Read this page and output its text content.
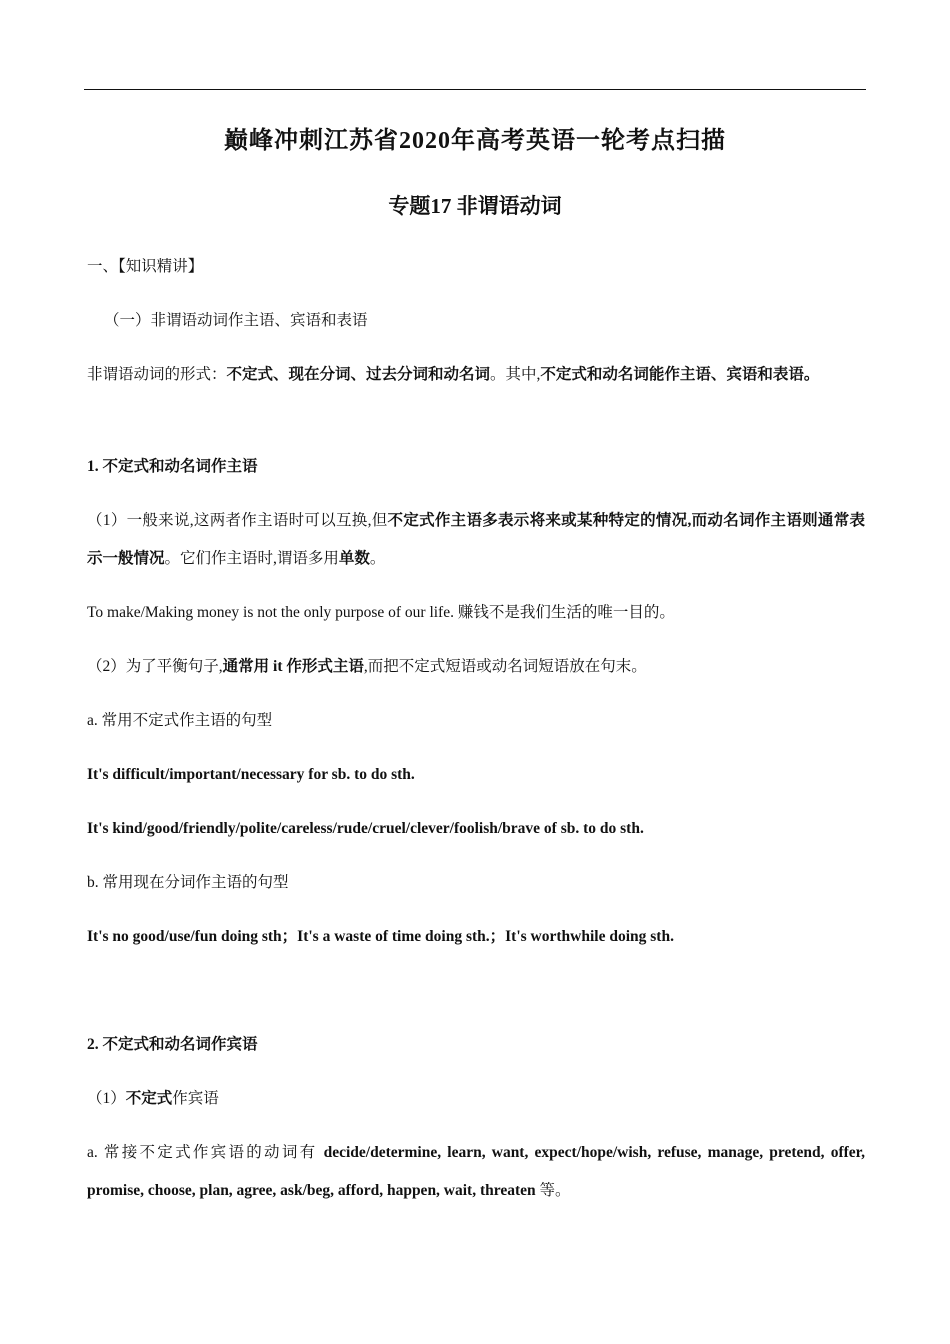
巅峰冲刺江苏省2020年高考英语一轮考点扫描
专题17 非谓语动词

一、【知识精讲】

（一）非谓语动词作主语、宾语和表语

非谓语动词的形式：不定式、现在分词、过去分词和动名词。其中,不定式和动名词能作主语、宾语和表语。

1. 不定式和动名词作主语

（1）一般来说,这两者作主语时可以互换,但不定式作主语多表示将来或某种特定的情况,而动名词作主语则通常表示一般情况。它们作主语时,谓语多用单数。

To make/Making money is not the only purpose of our life. 赚钱不是我们生活的唯一目的。

（2）为了平衡句子,通常用 it 作形式主语,而把不定式短语或动名词短语放在句末。

a. 常用不定式作主语的句型

It's difficult/important/necessary for sb. to do sth.

It's kind/good/friendly/polite/careless/rude/cruel/clever/foolish/brave of sb. to do sth.

b. 常用现在分词作主语的句型

It's no good/use/fun doing sth；It's a waste of time doing sth.；It's worthwhile doing sth.

2. 不定式和动名词作宾语

（1）不定式作宾语

a. 常接不定式作宾语的动词有 decide/determine, learn, want, expect/hope/wish, refuse, manage, pretend, offer, promise, choose, plan, agree, ask/beg, afford, happen, wait, threaten 等。
